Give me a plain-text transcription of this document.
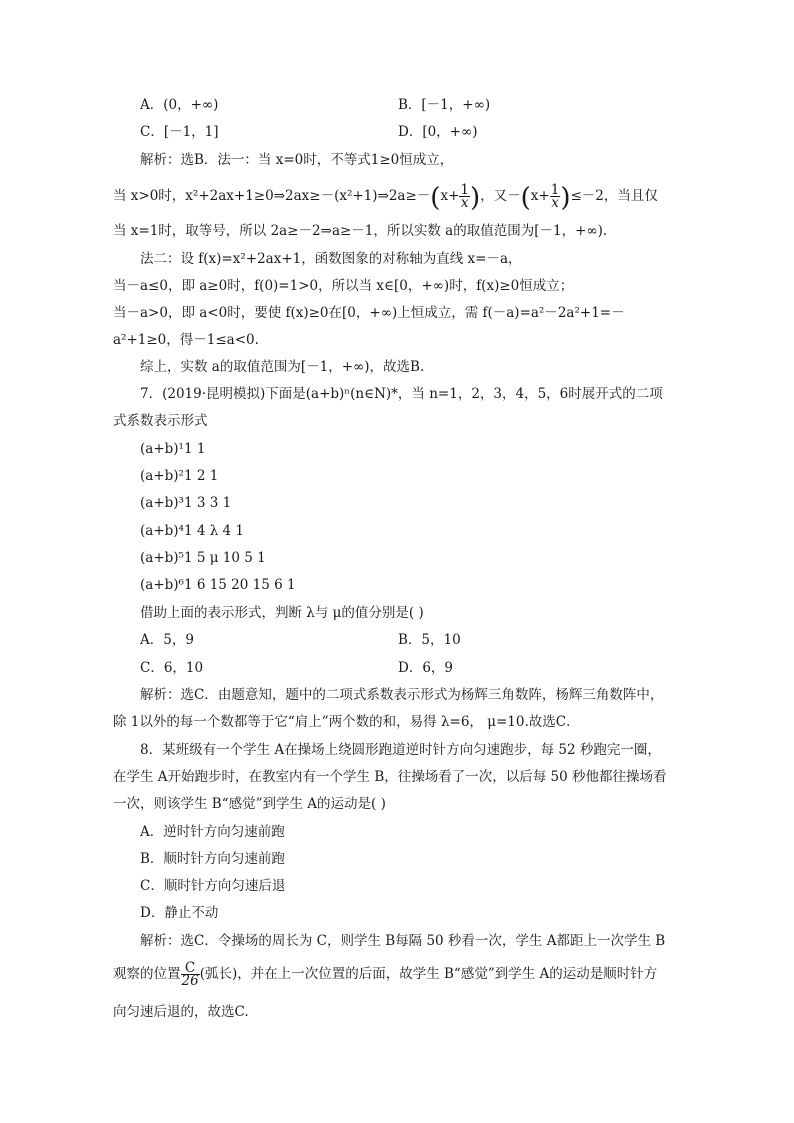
A．(0，+∞)	B．[－1，+∞)
C．[－1，1]	D．[0，+∞)
解析：选B．法一：当 x=0时，不等式1≥0恒成立，
当 x>0时，x²+2ax+1≥0⇒2ax≥－(x²+1)⇒2a≥－(x+ $\frac{1}{x}$ )，又$-(x+ \frac{1}{x} )\le-2$，当且仅
当 x=1时，取等号，所以 2a≥－2⇒a≥－1，所以实数 a的取值范围为[－1，+∞).
法二：设 f(x)=x²+2ax+1，函数图象的对称轴为直线 x=－a，
当－a≤0，即 a≥0时，f(0)=1>0，所以当 x∈[0，+∞)时，f(x)≥0恒成立；
当－a>0，即 a<0时，要使 f(x)≥0在[0，+∞)上恒成立，需 f(－a)=a²－2a²+1=－
a²+1≥0，得－1≤a<0.
综上，实数 a的取值范围为[－1，+∞)，故选B.
7．(2019·昆明模拟)下面是(a+b)ⁿ(n∈N)*，当 n=1，2，3，4，5，6时展开式的二项
式系数表示形式
(a+b)¹1 1
(a+b)²1 2 1
(a+b)³1 3 3 1
(a+b)⁴1 4 λ 4 1
(a+b)⁵1 5 μ 10 5 1
(a+b)⁶1 6 15 20 15 6 1
借助上面的表示形式，判断 λ与 μ的值分别是( )
A．5，9	B．5，10
C．6，10	D．6，9
解析：选C．由题意知，题中的二项式系数表示形式为杨辉三角数阵，杨辉三角数阵中，
除 1以外的每一个数都等于它“肩上”两个数的和，易得 λ=6， μ=10.故选C．
8．某班级有一个学生 A在操场上绕圆形跑道逆时针方向匀速跑步，每 52 秒跑完一圈，
在学生 A开始跑步时，在教室内有一个学生 B，往操场看了一次，以后每 50 秒他都往操场看
一次，则该学生 B“感觉”到学生 A的运动是( )
A．逆时针方向匀速前跑
B．顺时针方向匀速前跑
C．顺时针方向匀速后退
D．静止不动
解析：选C．令操场的周长为 C，则学生 B每隔 50 秒看一次，学生 A都距上一次学生 B
观察的位置 $\frac{C}{26}$ (弧长)，并在上一次位置的后面，故学生 B“感觉”到学生 A的运动是顺时针方
向匀速后退的，故选C.
